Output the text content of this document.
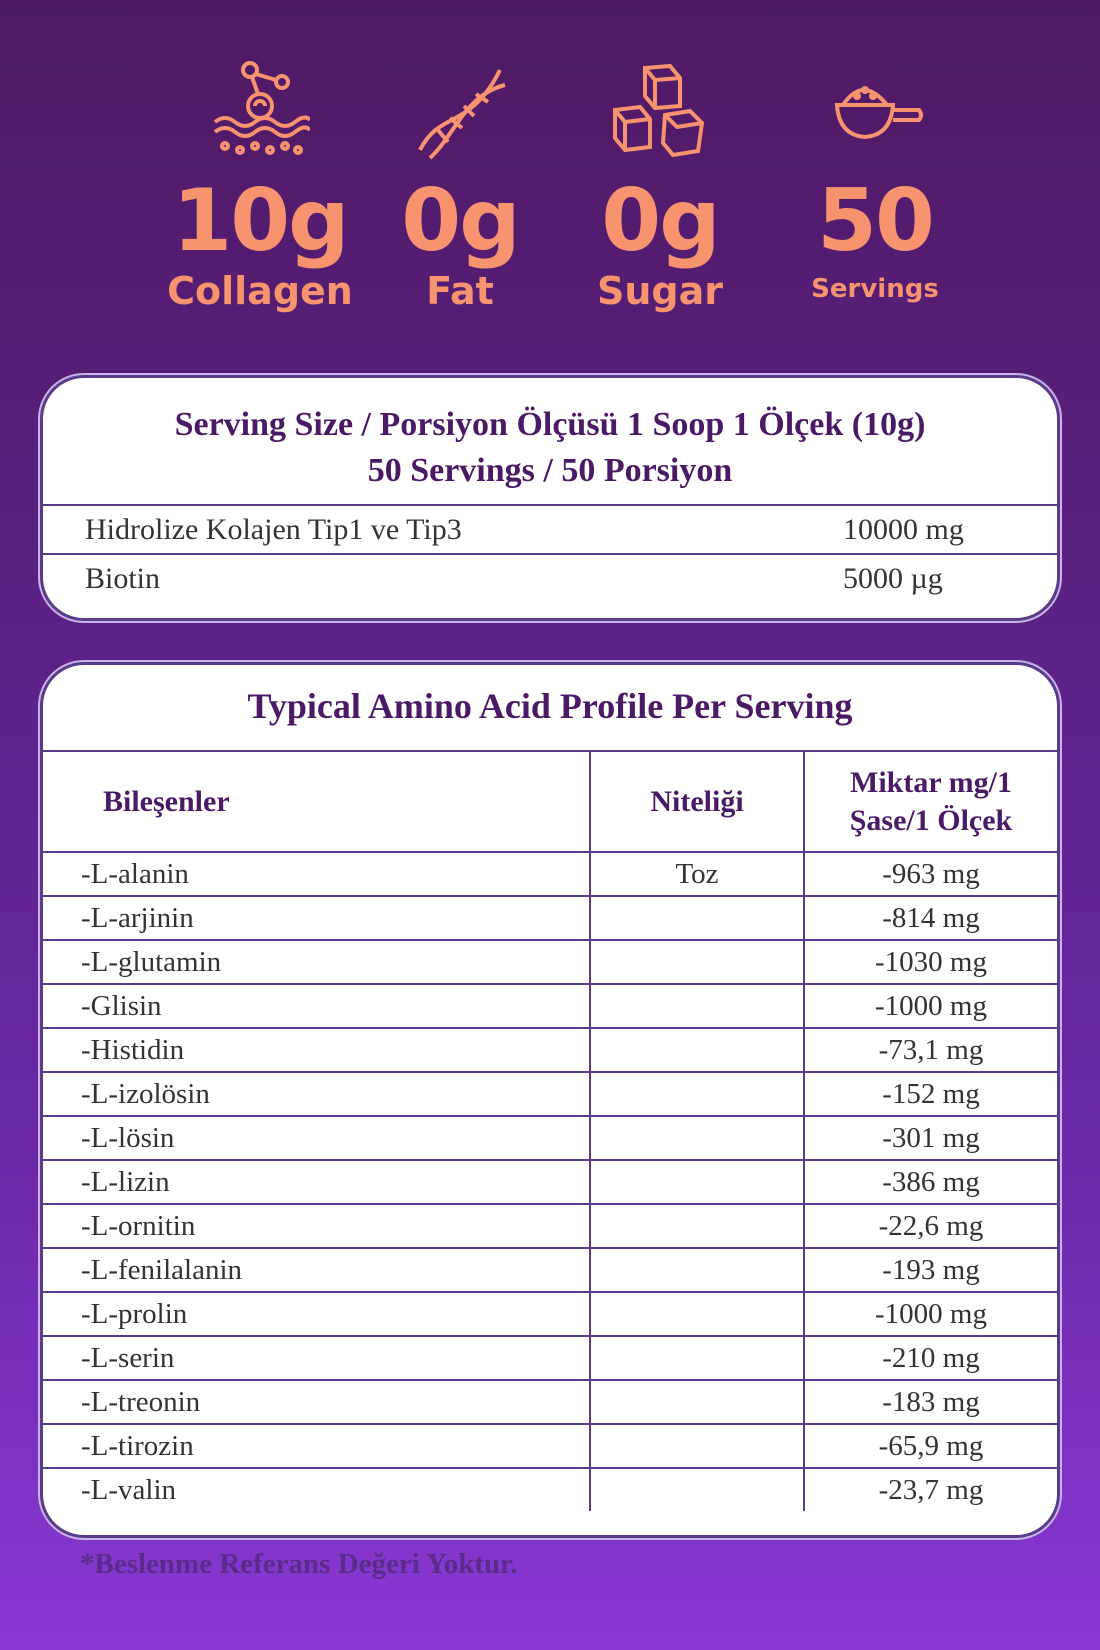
10g
Collagen
0g
Fat
0g
Sugar
50
Servings
Serving Size / Porsiyon Ölçüsü 1 Soop 1 Ölçek (10g)
50 Servings / 50 Porsiyon
Hidrolize Kolajen Tip1 ve Tip3	10000 mg
Biotin	5000 µg
Typical Amino Acid Profile Per Serving
Bileşenler	Niteliği	Miktar mg/1
Şase/1 Ölçek

-L-alanin	Toz	-963 mg
-L-arjinin		-814 mg
-L-glutamin		-1030 mg
-Glisin		-1000 mg
-Histidin		-73,1 mg
-L-izolösin		-152 mg
-L-lösin		-301 mg
-L-lizin		-386 mg
-L-ornitin		-22,6 mg
-L-fenilalanin		-193 mg
-L-prolin		-1000 mg
-L-serin		-210 mg
-L-treonin		-183 mg
-L-tirozin		-65,9 mg
-L-valin		-23,7 mg
*Beslenme Referans Değeri Yoktur.
